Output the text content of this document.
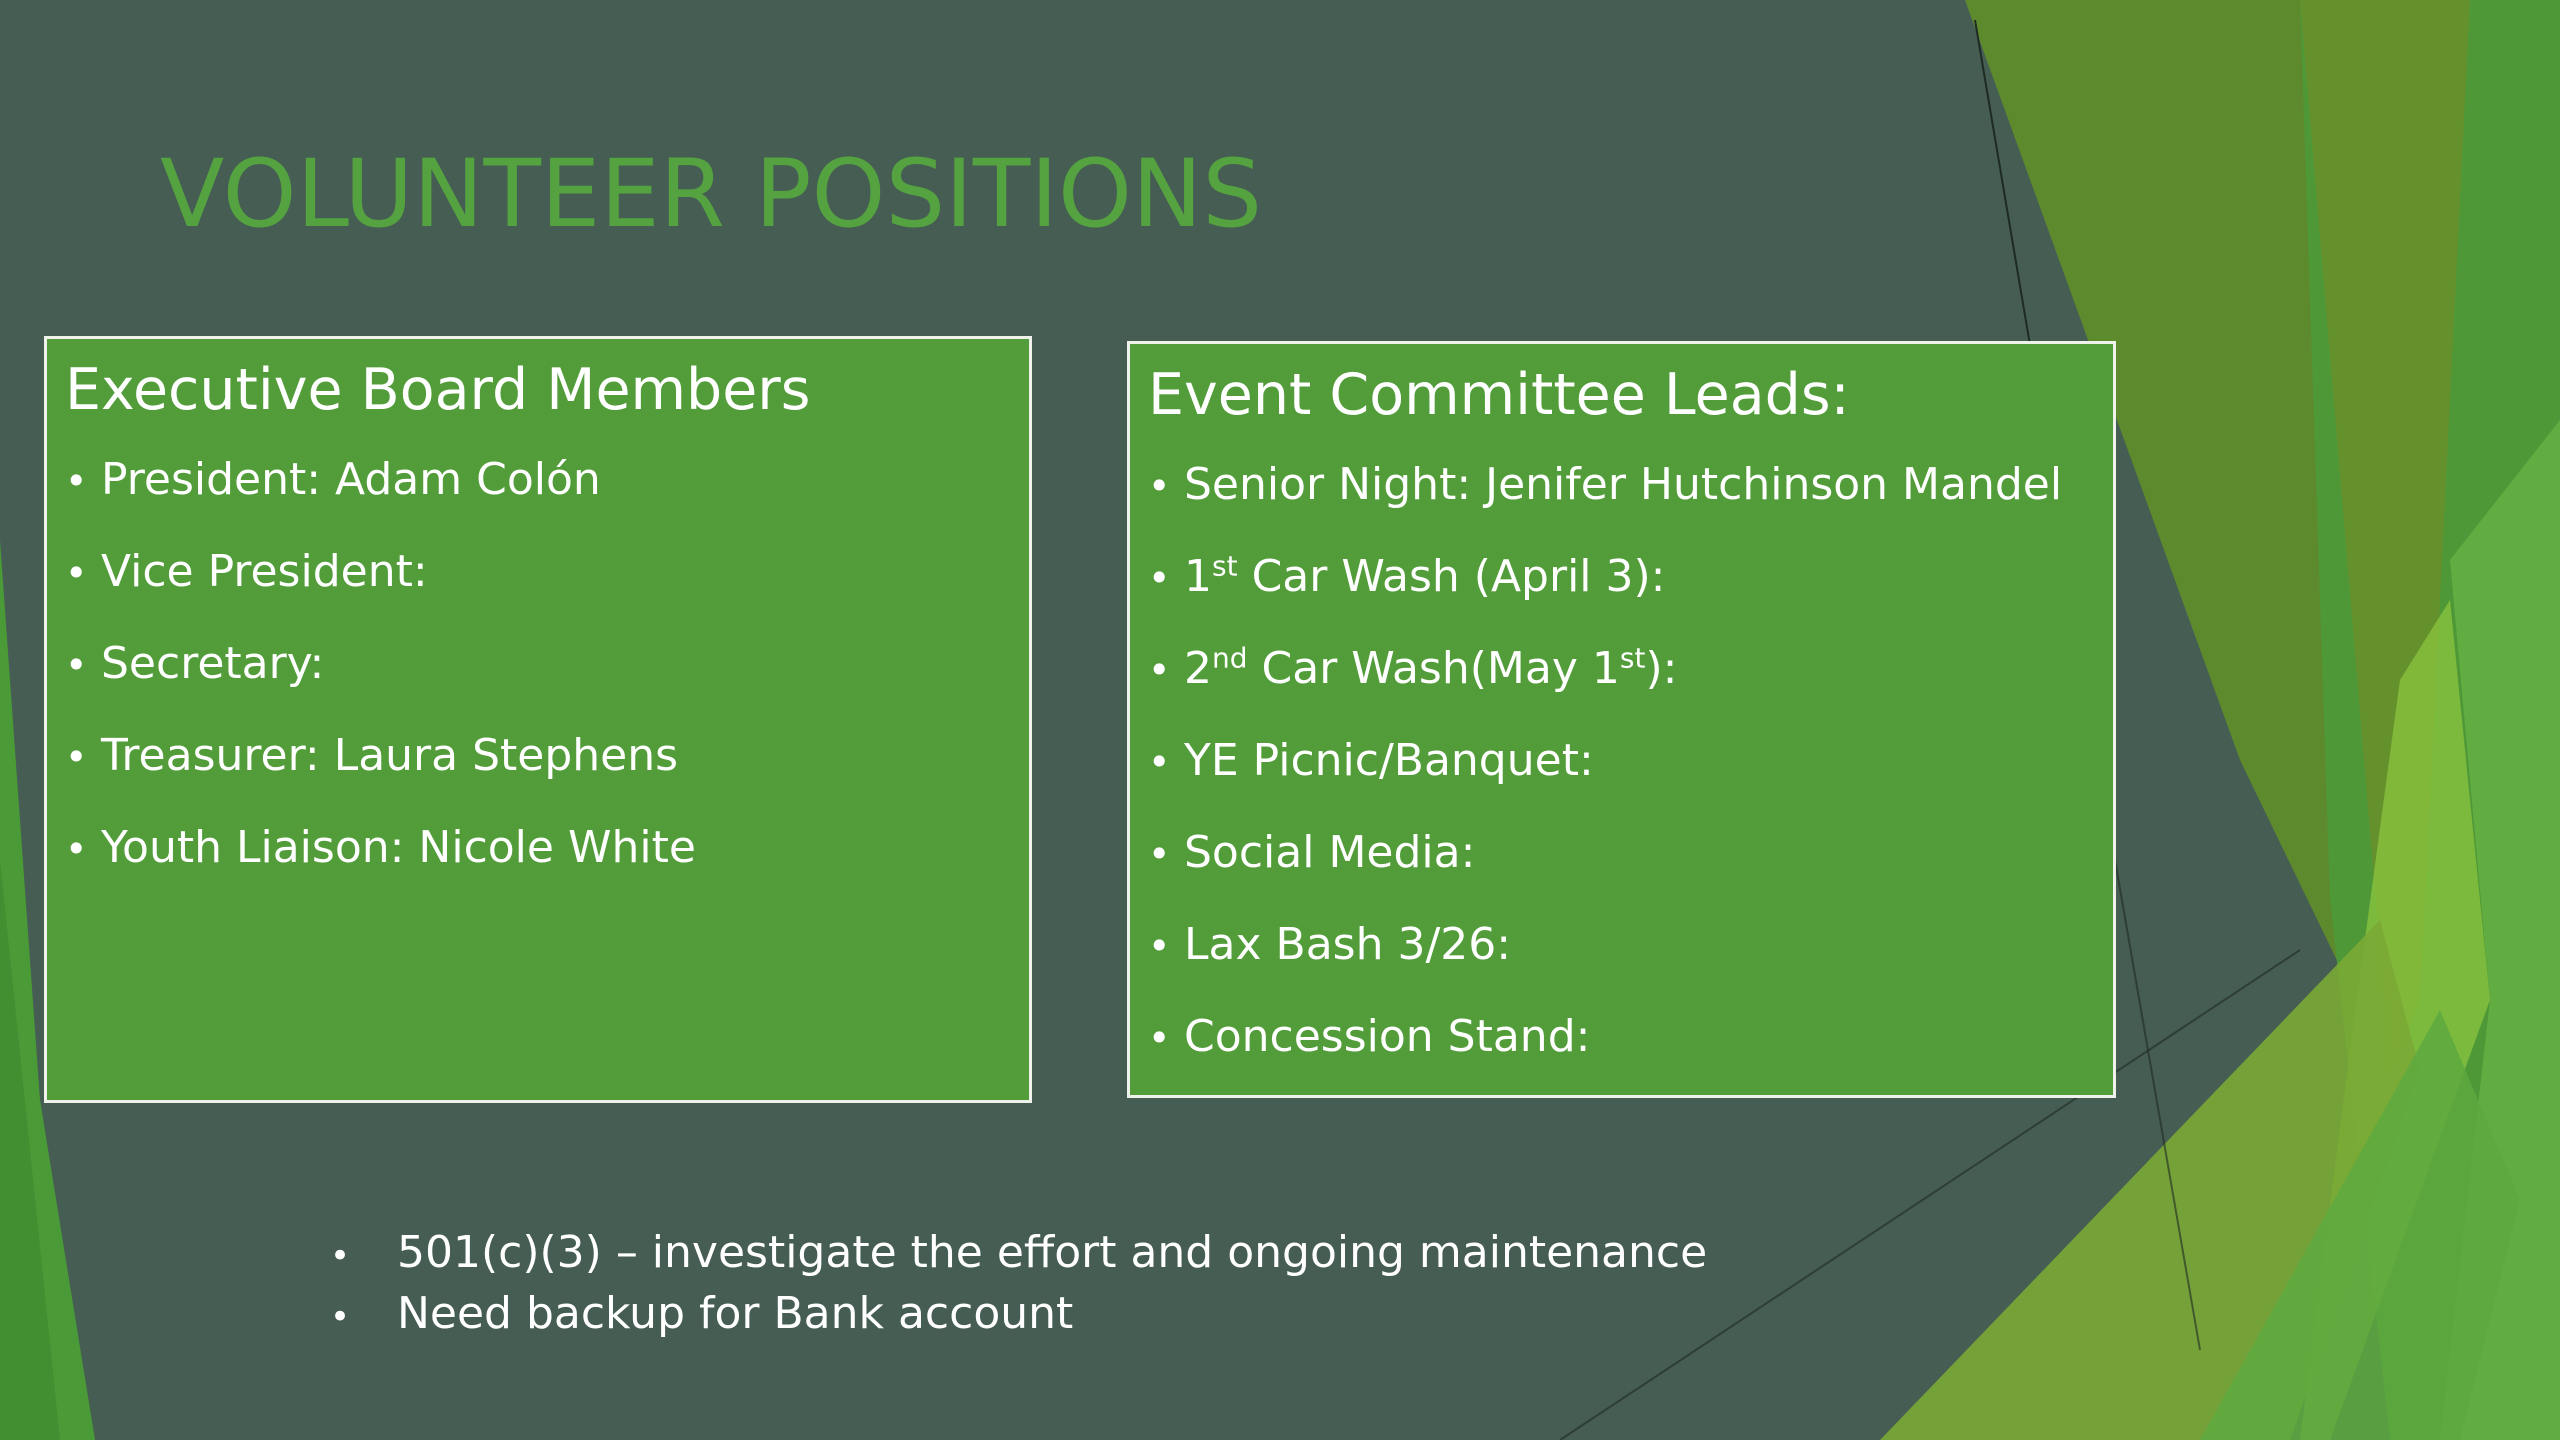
VOLUNTEER POSITIONS
Executive Board Members
• President: Adam Colón
• Vice President:
• Secretary:
• Treasurer: Laura Stephens
• Youth Liaison: Nicole White
Event Committee Leads:
• Senior Night: Jenifer Hutchinson Mandel
• 1st Car Wash (April 3):
• 2nd Car Wash(May 1st):
• YE Picnic/Banquet:
• Social Media:
• Lax Bash 3/26:
• Concession Stand:
• 501(c)(3) – investigate the effort and ongoing maintenance
• Need backup for Bank account
